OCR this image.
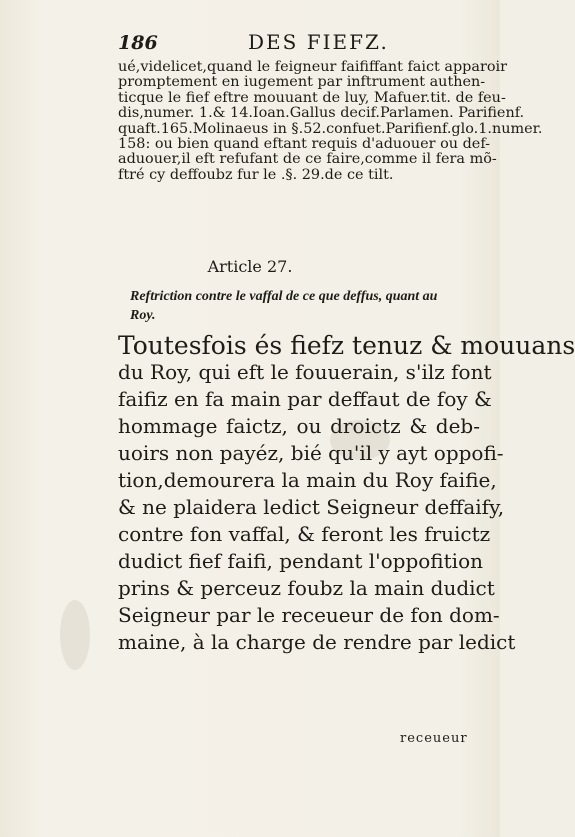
186	DES FIEFZ.
ué,videlicet,quand le feigneur faififfant faict apparoir
promptement en iugement par inftrument authen-
ticque le fief eftre mouuant de luy, Mafuer.tit. de feu-
dis,numer. 1.& 14.Ioan.Gallus decif.Parlamen. Parifienf.
quaft.165.Molinaeus in §.52.confuet.Parifienf.glo.1.numer.
158: ou bien quand eftant requis d'aduouer ou def-
aduouer,il eft refufant de ce faire,comme il fera mõ-
ftré cy deffoubz fur le .§. 29.de ce tilt.
Article 27.
Reftriction contre le vaffal de ce que deffus, quant au Roy.
Toutesfois és fiefz tenuz & mouuans
du Roy, qui eft le fouuerain, s'ilz font
faifiz en fa main par deffaut de foy &
hommage faictz, ou droictz & deb-
uoirs non payéz, bié qu'il y ayt oppofi-
tion,demourera la main du Roy faifie,
& ne plaidera ledict Seigneur deffaify,
contre fon vaffal, & feront les fruictz
dudict fief faifi, pendant l'oppofition
prins & perceuz foubz la main dudict
Seigneur par le receueur de fon dom-
maine, à la charge de rendre par ledict
receueur
